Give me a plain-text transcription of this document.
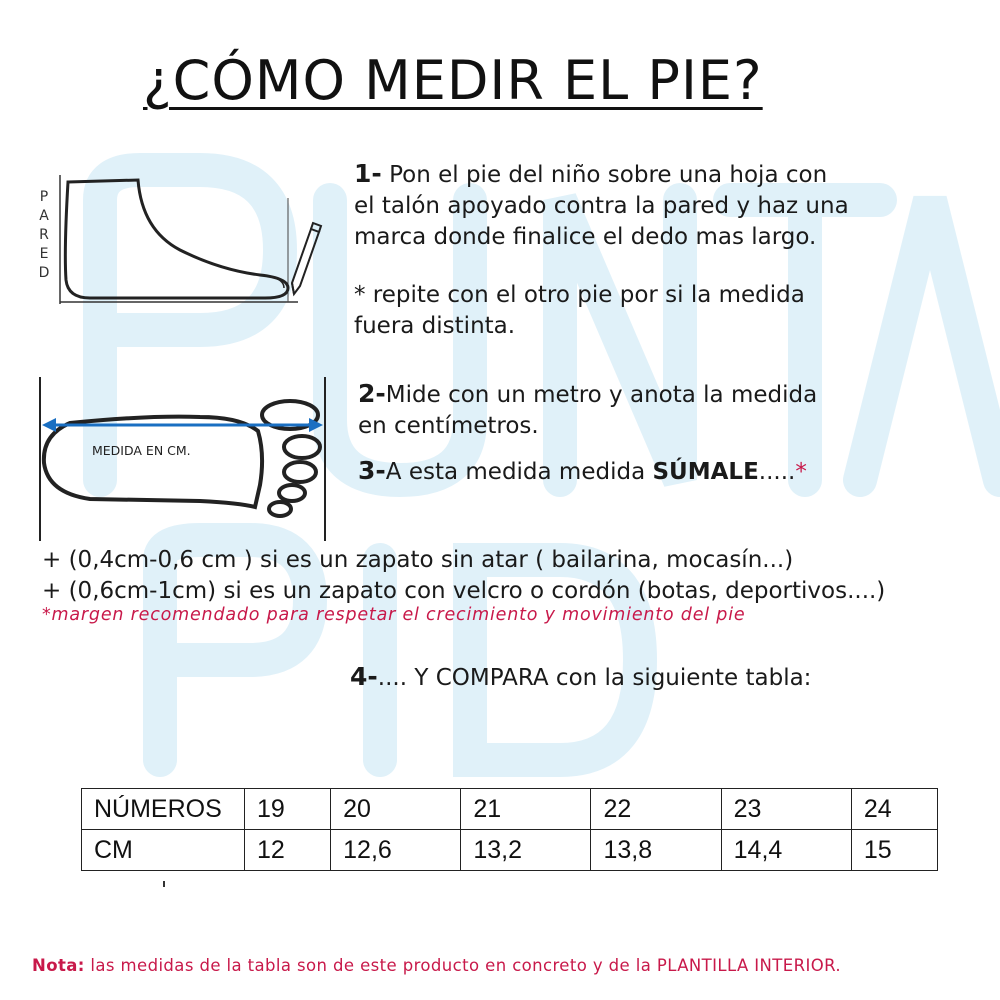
¿CÓMO MEDIR EL PIE?
P
A
R
E
D
1- Pon el pie del niño sobre una hoja con
el talón apoyado contra la pared y haz una
marca donde finalice el dedo mas largo.
* repite con el otro pie por si la medida
fuera distinta.
MEDIDA EN CM.
2-Mide con un metro y anota la medida
en centímetros.
3-A esta medida medida SÚMALE.....*
+ (0,4cm-0,6 cm ) si es un zapato sin atar ( bailarina, mocasín...)
+ (0,6cm-1cm) si es un zapato con velcro o cordón (botas, deportivos....)
*margen recomendado para respetar el crecimiento y movimiento del pie
4-.... Y COMPARA con la siguiente tabla:
NÚMEROS	19	20	21	22	23	24
CM	12	12,6	13,2	13,8	14,4	15
Nota: las medidas de la tabla son de este producto en concreto y de la PLANTILLA INTERIOR.
